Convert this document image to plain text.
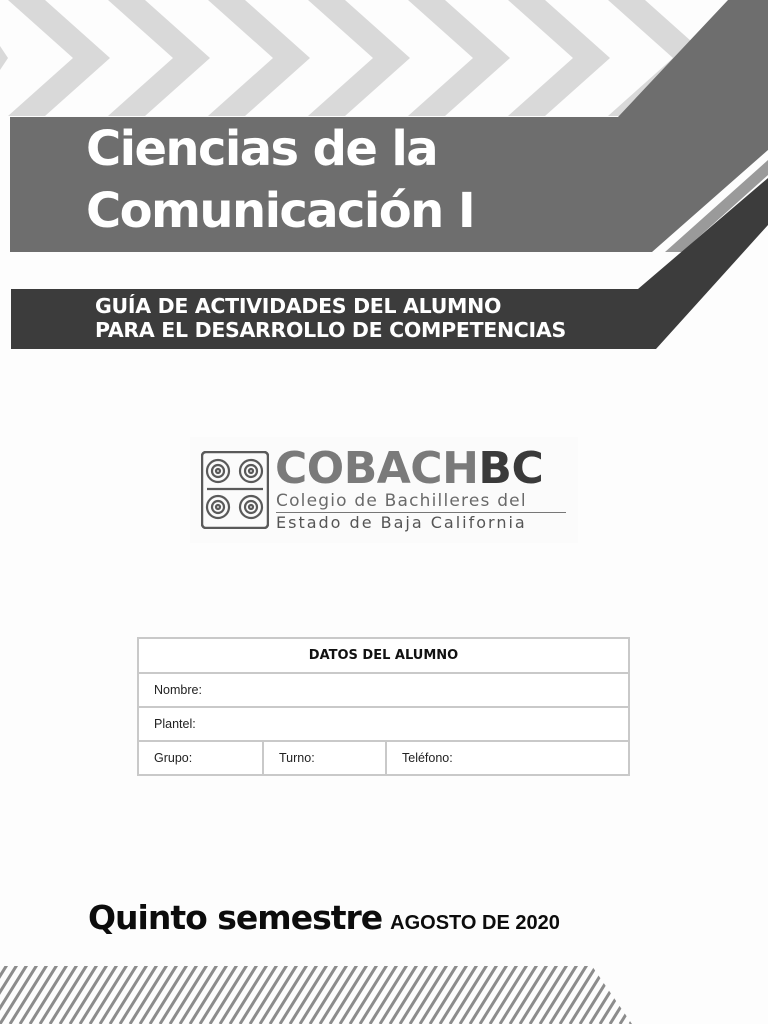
Ciencias de la
Comunicación I
GUÍA DE ACTIVIDADES DEL ALUMNO
PARA EL DESARROLLO DE COMPETENCIAS
COBACHBC
Colegio de Bachilleres del
Estado de Baja California
DATOS DEL ALUMNO
Nombre:
Plantel:
Grupo:	Turno:	Teléfono:
Quinto semestre AGOSTO DE 2020
